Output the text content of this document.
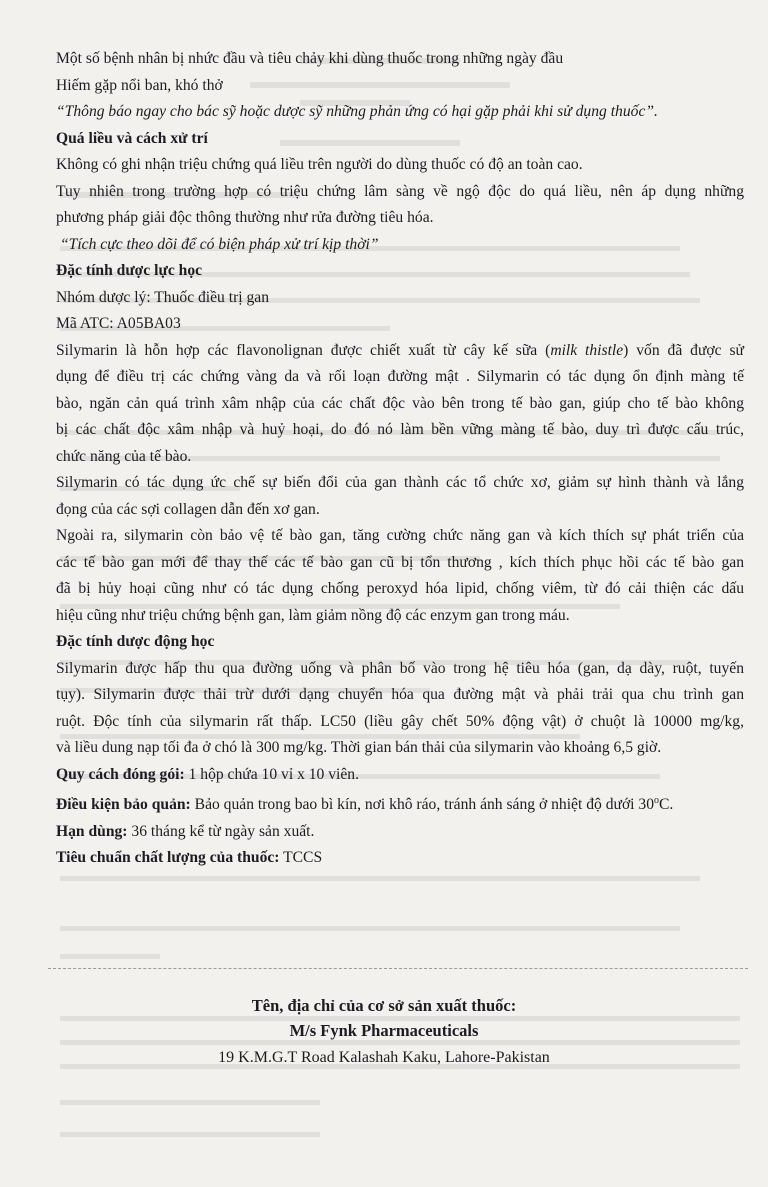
Một số bệnh nhân bị nhức đầu và tiêu chảy khi dùng thuốc trong những ngày đầu
Hiếm gặp nổi ban, khó thở
“Thông báo ngay cho bác sỹ hoặc dược sỹ những phản ứng có hại gặp phải khi sử dụng thuốc”.
Quá liều và cách xử trí
Không có ghi nhận triệu chứng quá liều trên người do dùng thuốc có độ an toàn cao.
Tuy nhiên trong trường hợp có triệu chứng lâm sàng về ngộ độc do quá liều, nên áp dụng những
phương pháp giải độc thông thường như rửa đường tiêu hóa.
“Tích cực theo dõi để có biện pháp xử trí kịp thời”
Đặc tính dược lực học
Nhóm dược lý: Thuốc điều trị gan
Mã ATC: A05BA03
Silymarin là hỗn hợp các flavonolignan được chiết xuất từ cây kế sữa (milk thistle) vốn đã được sử
dụng để điều trị các chứng vàng da và rối loạn đường mật . Silymarin có tác dụng ổn định màng tế
bào, ngăn cản quá trình xâm nhập của các chất độc vào bên trong tế bào gan, giúp cho tế bào không
bị các chất độc xâm nhập và huỷ hoại, do đó nó làm bền vững màng tế bào, duy trì được cấu trúc,
chức năng của tế bào.
Silymarin có tác dụng ức chế sự biến đổi của gan thành các tổ chức xơ, giảm sự hình thành và lắng
đọng của các sợi collagen dẫn đến xơ gan.
Ngoài ra, silymarin còn bảo vệ tế bào gan, tăng cường chức năng gan và kích thích sự phát triển của
các tế bào gan mới để thay thế các tế bào gan cũ bị tổn thương , kích thích phục hồi các tế bào gan
đã bị hủy hoại cũng như có tác dụng chống peroxyd hóa lipid, chống viêm, từ đó cải thiện các dấu
hiệu cũng như triệu chứng bệnh gan, làm giảm nồng độ các enzym gan trong máu.
Đặc tính dược động học
Silymarin được hấp thu qua đường uống và phân bố vào trong hệ tiêu hóa (gan, dạ dày, ruột, tuyến
tụy). Silymarin được thải trừ dưới dạng chuyển hóa qua đường mật và phải trải qua chu trình gan
ruột. Độc tính của silymarin rất thấp. LC50 (liều gây chết 50% động vật) ở chuột là 10000 mg/kg,
và liều dung nạp tối đa ở chó là 300 mg/kg. Thời gian bán thải của silymarin vào khoảng 6,5 giờ.
Quy cách đóng gói: 1 hộp chứa 10 vỉ x 10 viên.
Điều kiện bảo quản: Bảo quản trong bao bì kín, nơi khô ráo, tránh ánh sáng ở nhiệt độ dưới 30$^o$C.
Hạn dùng: 36 tháng kể từ ngày sản xuất.
Tiêu chuẩn chất lượng của thuốc: TCCS
Tên, địa chỉ của cơ sở sản xuất thuốc:
M/s Fynk Pharmaceuticals
19 K.M.G.T Road Kalashah Kaku, Lahore-Pakistan
